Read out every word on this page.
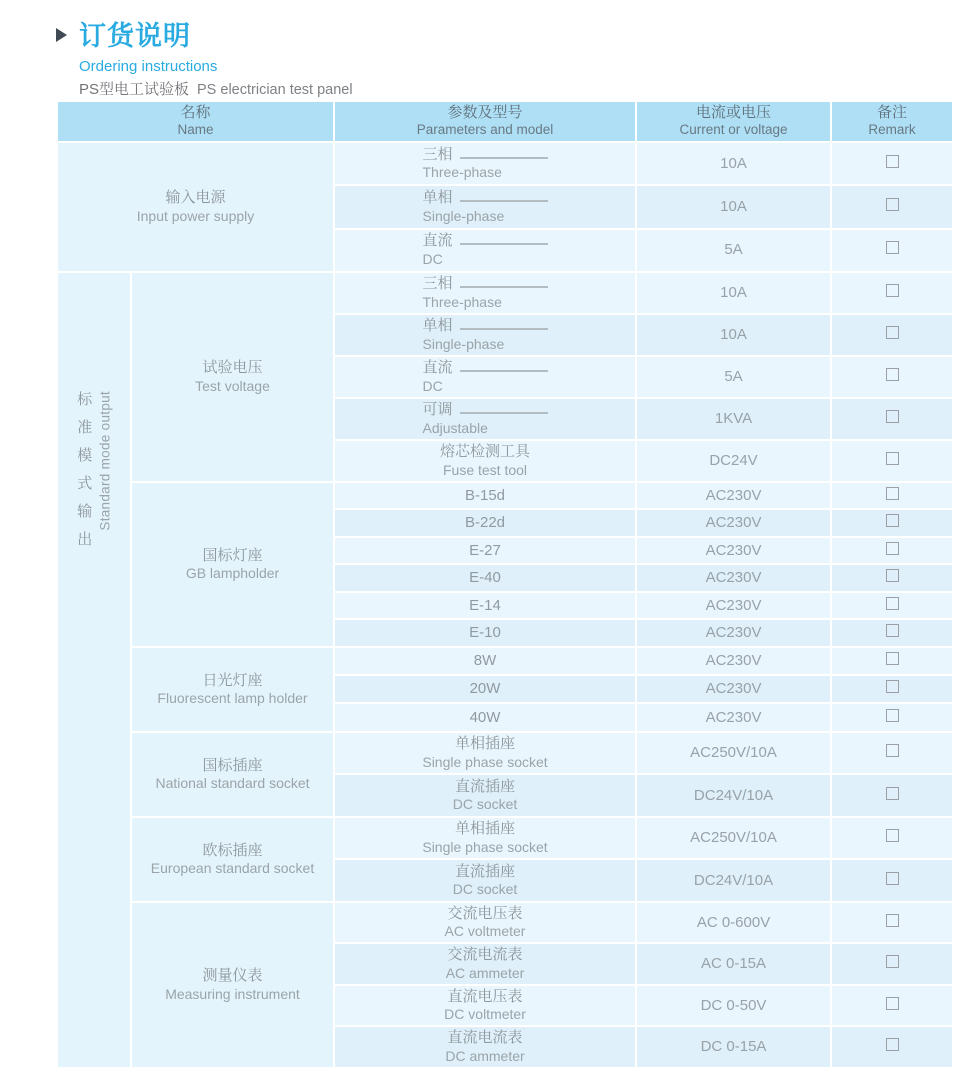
订货说明
Ordering instructions
PS型电工试验板 PS electrician test panel
名称
Name		参数及型号
Parameters and model	电流或电压
Current or voltage	备注
Remark

输入电源
Input power supply		三相
Three-phase	10A	

		单相
Single-phase	10A	

		直流
DC	5A	

标准模式输出 Standard mode output	试验电压
Test voltage	三相
Three-phase	10A	

		单相
Single-phase	10A	

		直流
DC	5A	

		可调
Adjustable	1KVA	

		熔芯检测工具
Fuse test tool	DC24V	

	国标灯座
GB lampholder	B-15d	AC230V	
		B-22d	AC230V	
		E-27	AC230V	
		E-40	AC230V	
		E-14	AC230V	
		E-10	AC230V	

	日光灯座
Fluorescent lamp holder	8W	AC230V	
		20W	AC230V	
		40W	AC230V	

	国标插座
National standard socket	单相插座
Single phase socket	AC250V/10A	

		直流插座
DC socket	DC24V/10A	

	欧标插座
European standard socket	单相插座
Single phase socket	AC250V/10A	

		直流插座
DC socket	DC24V/10A	

	测量仪表
Measuring instrument	交流电压表
AC voltmeter	AC 0-600V	

		交流电流表
AC ammeter	AC 0-15A	

		直流电压表
DC voltmeter	DC 0-50V	

		直流电流表
DC ammeter	DC 0-15A	
